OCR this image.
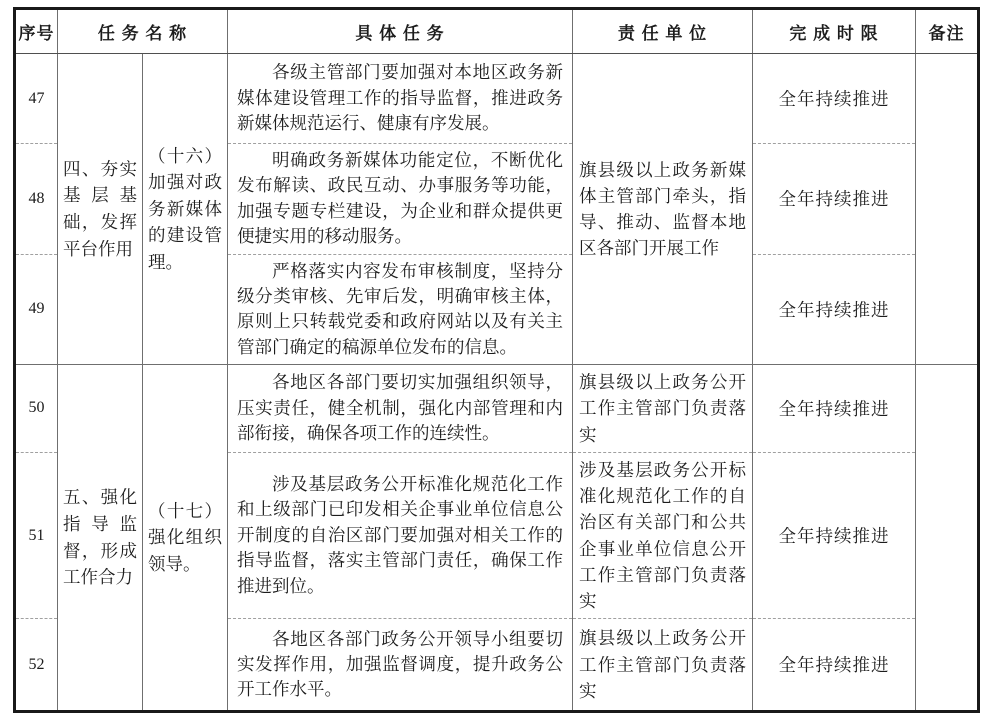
序号	任 务 名 称		具 体 任 务	责 任 单 位	完 成 时 限	备注
47	四、夯实基层基础，发挥平台作用	（十六）加强对政务新媒体的建设管理。	各级主管部门要加强对本地区政务新媒体建设管理工作的指导监督，推进政务新媒体规范运行、健康有序发展。	旗县级以上政务新媒体主管部门牵头，指导、推动、监督本地区各部门开展工作	全年持续推进	
48			明确政务新媒体功能定位，不断优化发布解读、政民互动、办事服务等功能，加强专题专栏建设，为企业和群众提供更便捷实用的移动服务。		全年持续推进	
49			严格落实内容发布审核制度，坚持分级分类审核、先审后发，明确审核主体，原则上只转载党委和政府网站以及有关主管部门确定的稿源单位发布的信息。		全年持续推进	
50	五、强化指导监督，形成工作合力	（十七）强化组织领导。	各地区各部门要切实加强组织领导，压实责任，健全机制，强化内部管理和内部衔接，确保各项工作的连续性。	旗县级以上政务公开工作主管部门负责落实	全年持续推进	
51			涉及基层政务公开标准化规范化工作和上级部门已印发相关企事业单位信息公开制度的自治区部门要加强对相关工作的指导监督，落实主管部门责任，确保工作推进到位。	涉及基层政务公开标准化规范化工作的自治区有关部门和公共企事业单位信息公开工作主管部门负责落实	全年持续推进	
52			各地区各部门政务公开领导小组要切实发挥作用，加强监督调度，提升政务公开工作水平。	旗县级以上政务公开工作主管部门负责落实	全年持续推进	
